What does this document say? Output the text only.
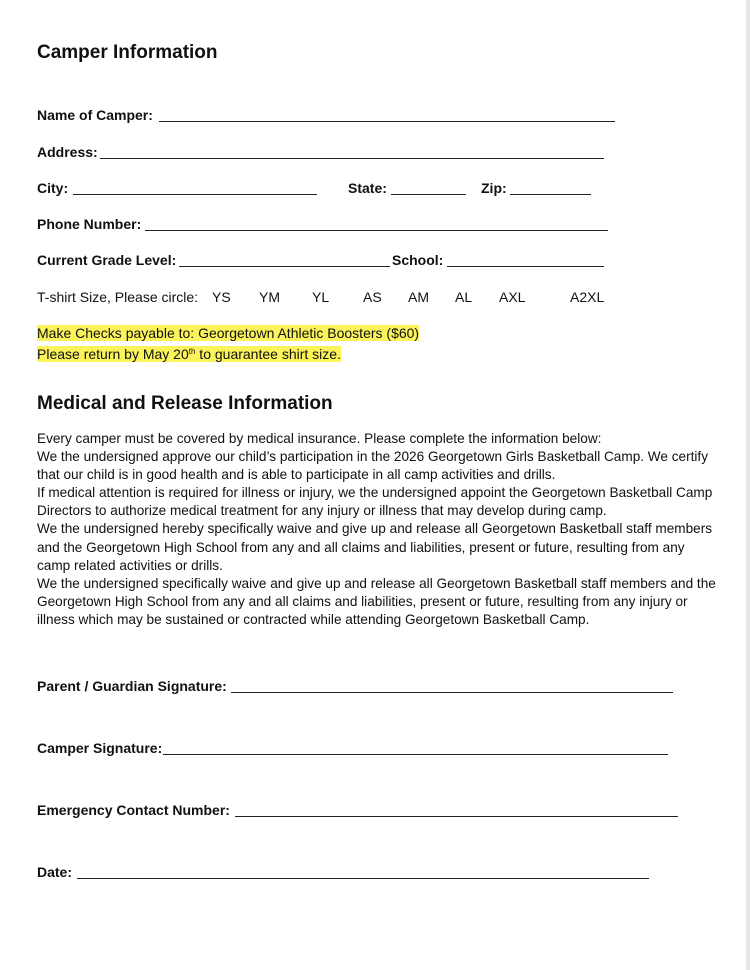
Camper Information
Name of Camper:
Address:
City:	State:	Zip:
Phone Number:
Current Grade Level:	School:
T-shirt Size, Please circle: YS YM YL AS AM AL AXL	A2XL
Make Checks payable to: Georgetown Athletic Boosters ($60)
Please return by May 20th to guarantee shirt size.
Medical and Release Information

Every camper must be covered by medical insurance. Please complete the information below:

We the undersigned approve our child’s participation in the 2026 Georgetown Girls Basketball Camp. We certify that our child is in good health and is able to participate in all camp activities and drills.

If medical attention is required for illness or injury, we the undersigned appoint the Georgetown Basketball Camp Directors to authorize medical treatment for any injury or illness that may develop during camp.

We the undersigned hereby specifically waive and give up and release all Georgetown Basketball staff members and the Georgetown High School from any and all claims and liabilities, present or future, resulting from any camp related activities or drills.

We the undersigned specifically waive and give up and release all Georgetown Basketball staff members and the Georgetown High School from any and all claims and liabilities, present or future, resulting from any injury or illness which may be sustained or contracted while attending Georgetown Basketball Camp.

Parent / Guardian Signature:
Camper Signature:
Emergency Contact Number:
Date:
